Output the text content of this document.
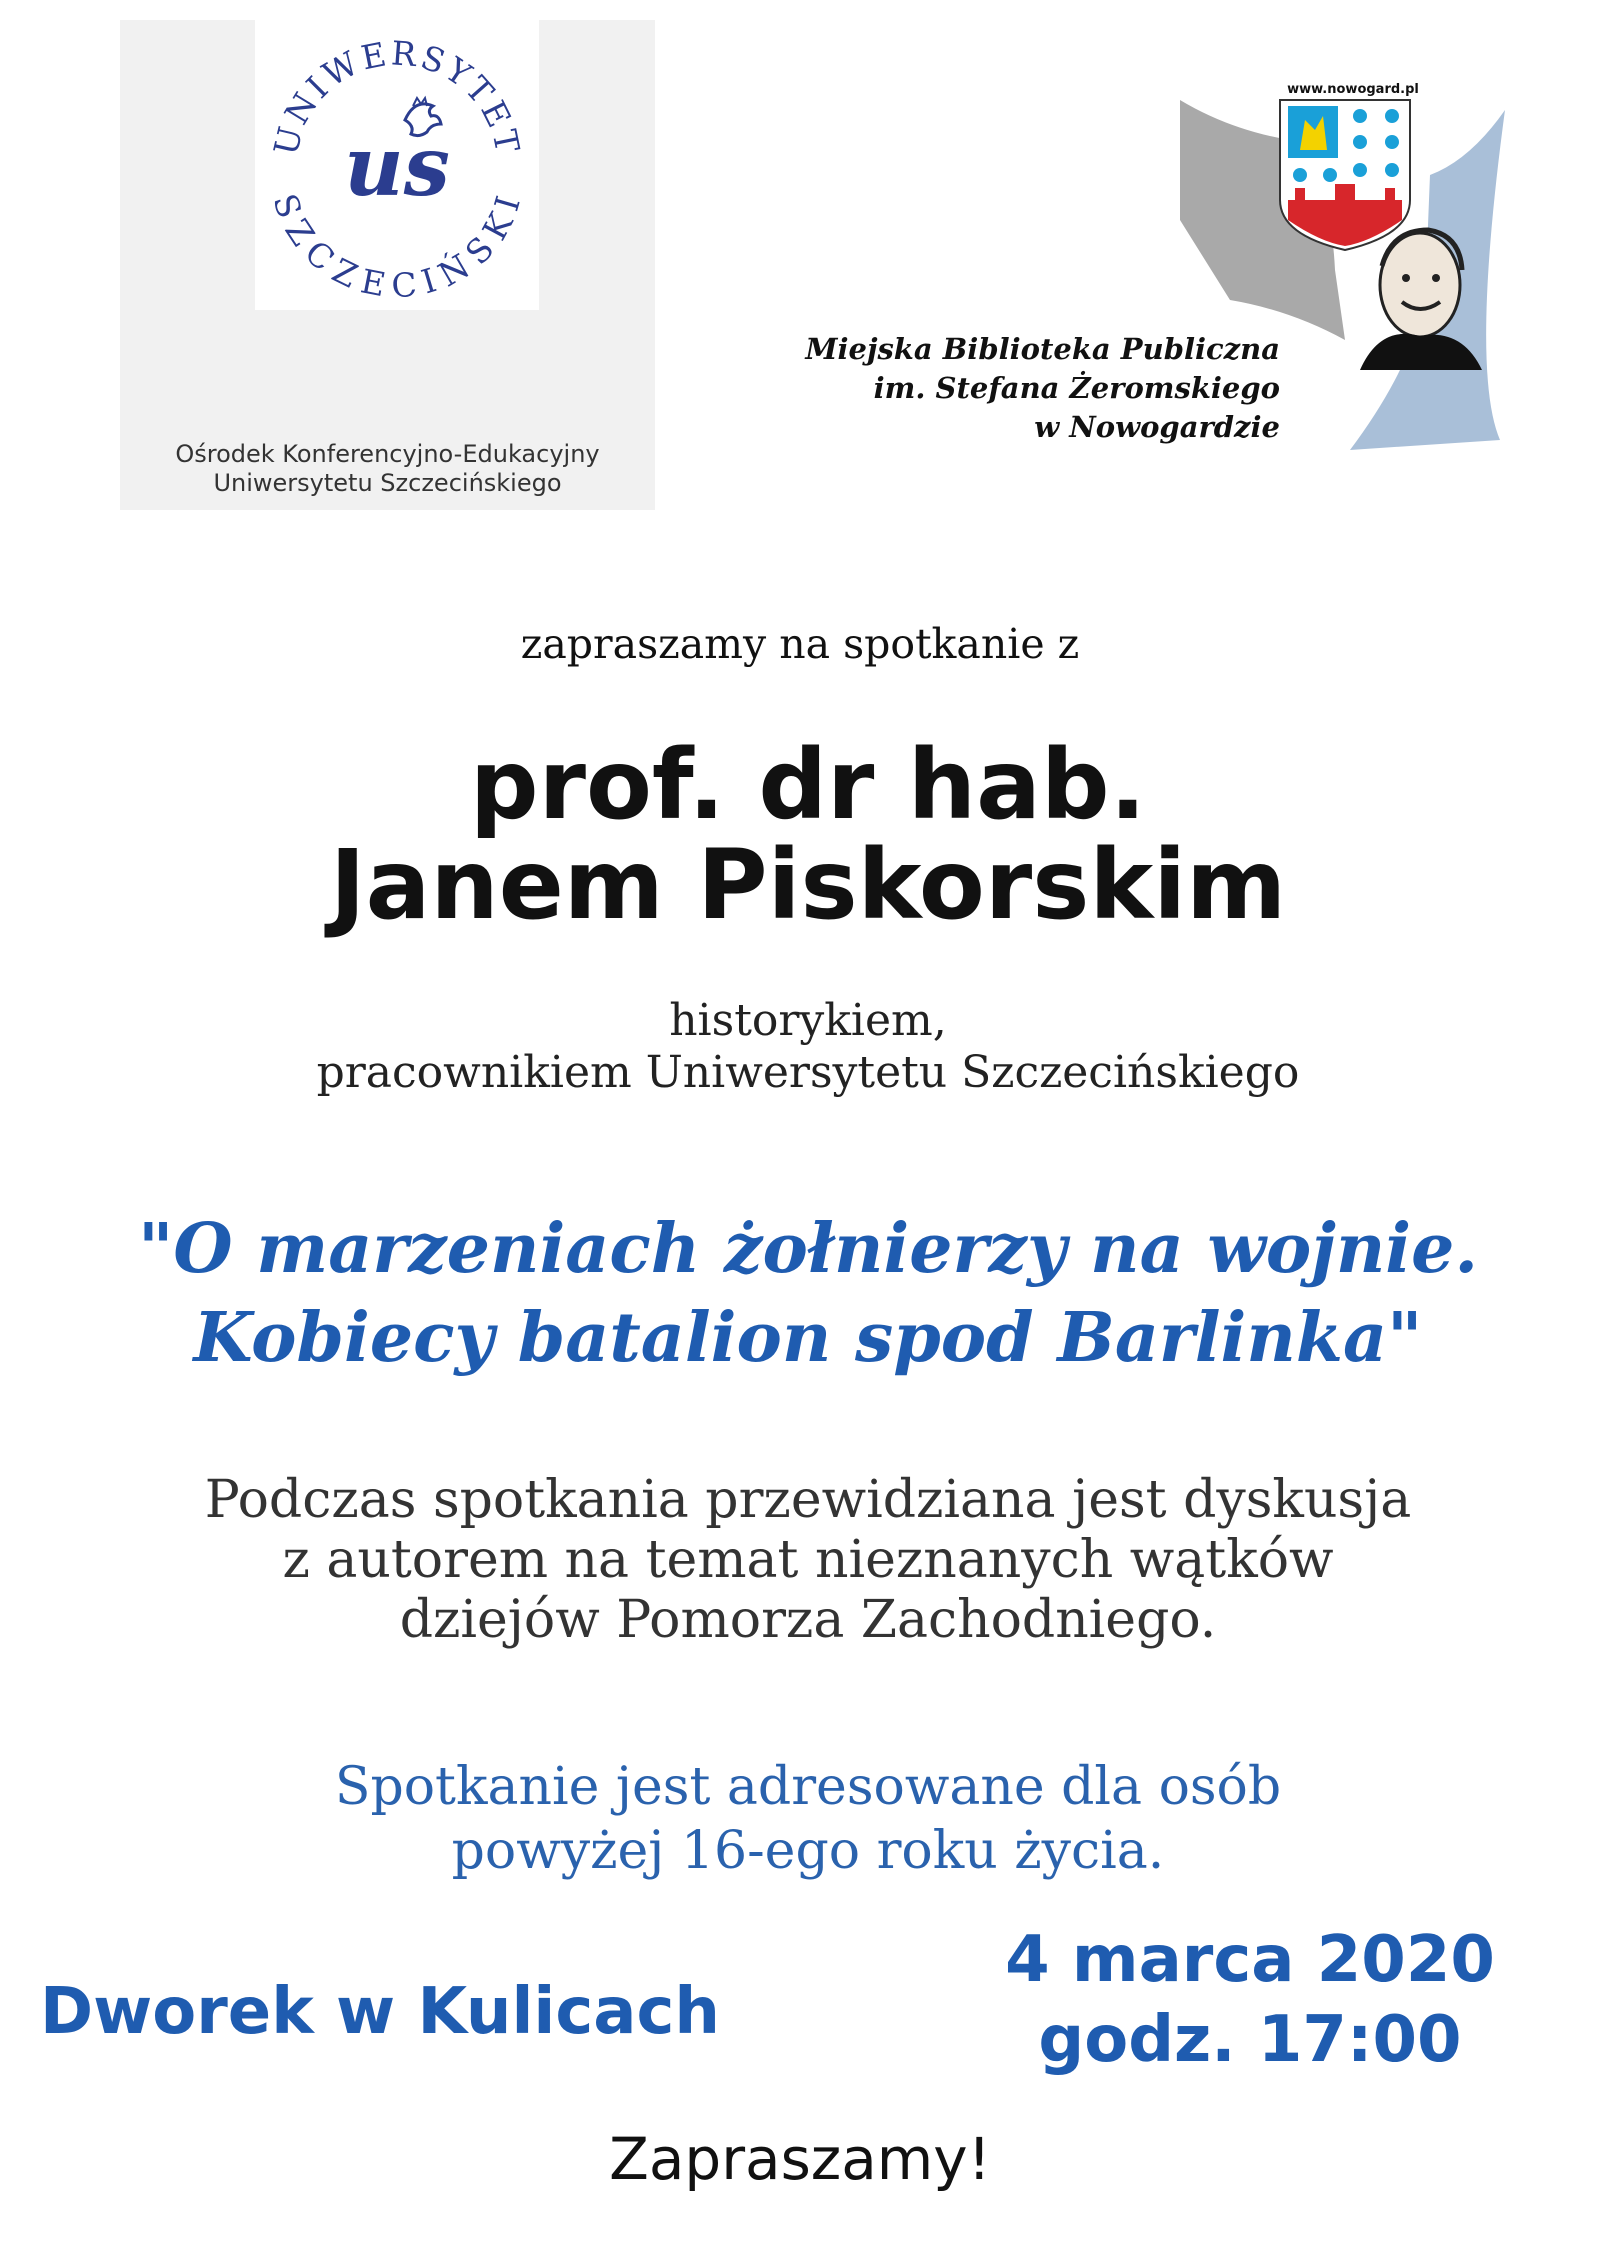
UNIWERSYTET
SZCZECIŃSKI
us
Ośrodek Konferencyjno-Edukacyjny
Uniwersytetu Szczecińskiego
www.nowogard.pl
Miejska Biblioteka Publiczna
im. Stefana Żeromskiego
w Nowogardzie
zapraszamy na spotkanie z
prof. dr hab.
Janem Piskorskim
historykiem,
pracownikiem Uniwersytetu Szczecińskiego
"O marzeniach żołnierzy na wojnie.
Kobiecy batalion spod Barlinka"
Podczas spotkania przewidziana jest dyskusja
z autorem na temat nieznanych wątków
dziejów Pomorza Zachodniego.
Spotkanie jest adresowane dla osób
powyżej 16-ego roku życia.
Dworek w Kulicach
4 marca 2020
godz. 17:00
Zapraszamy!
